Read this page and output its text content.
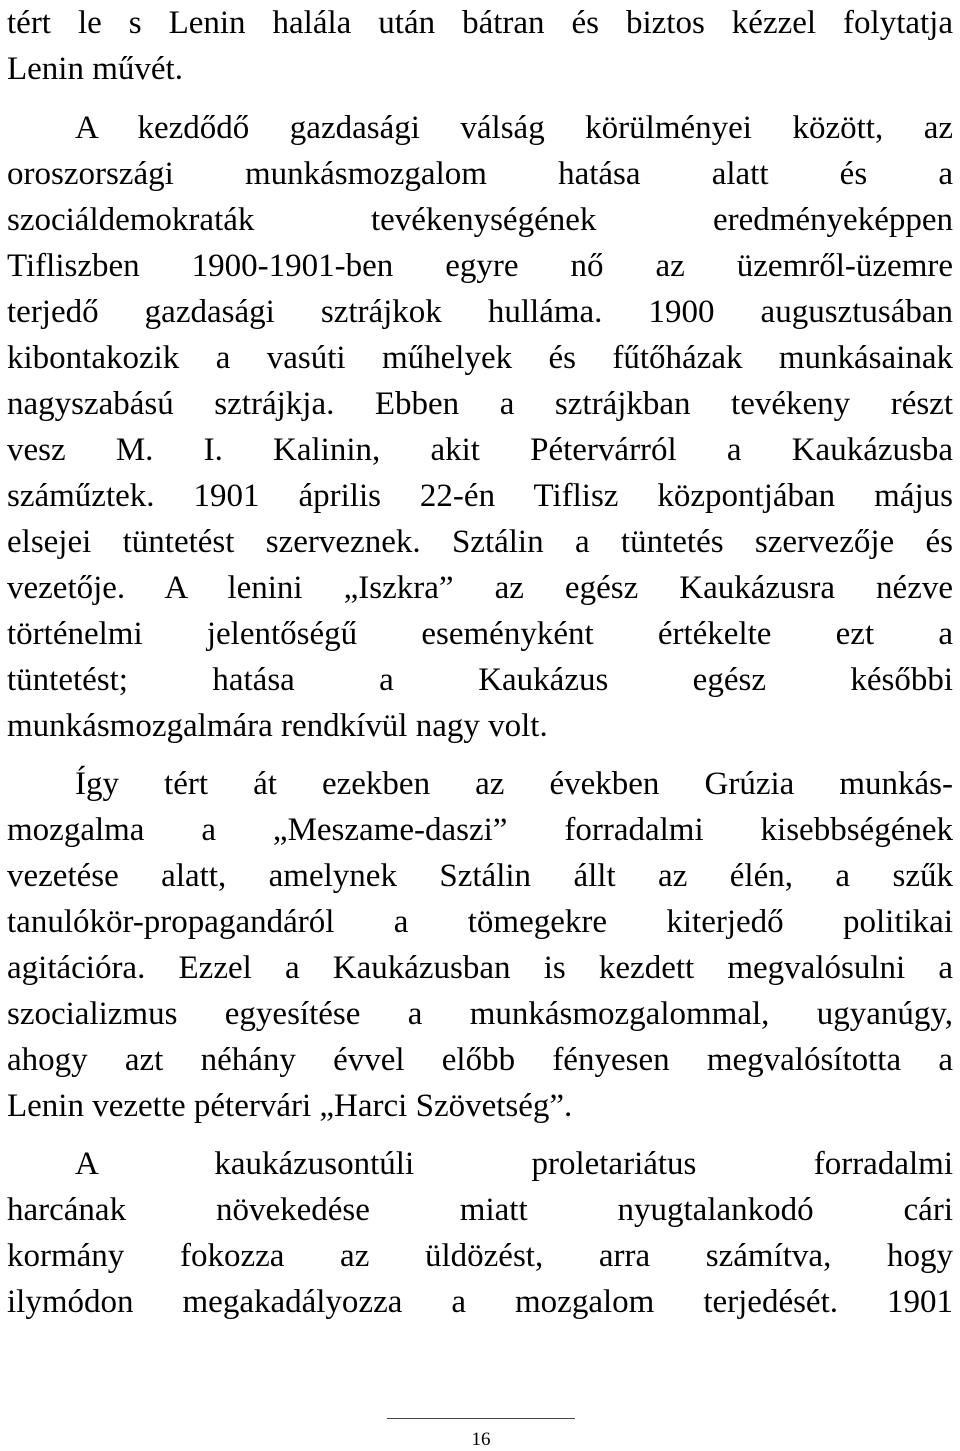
tért le s Lenin halála után bátran és biztos kézzel folytatja
Lenin művét.
A kezdődő gazdasági válság körülményei között, az
oroszországi munkásmozgalom hatása alatt és a
szociáldemokraták tevékenységének eredményeképpen
Tifliszben 1900-1901-ben egyre nő az üzemről-üzemre
terjedő gazdasági sztrájkok hulláma. 1900 augusztusában
kibontakozik a vasúti műhelyek és fűtőházak munkásainak
nagyszabású sztrájkja. Ebben a sztrájkban tevékeny részt
vesz M. I. Kalinin, akit Pétervárról a Kaukázusba
száműztek. 1901 április 22-én Tiflisz központjában május
elsejei tüntetést szerveznek. Sztálin a tüntetés szervezője és
vezetője. A lenini „Iszkra” az egész Kaukázusra nézve
történelmi jelentőségű eseményként értékelte ezt a
tüntetést; hatása a Kaukázus egész későbbi
munkásmozgalmára rendkívül nagy volt.
Így tért át ezekben az években Grúzia munkás-
mozgalma a „Meszame-daszi” forradalmi kisebbségének
vezetése alatt, amelynek Sztálin állt az élén, a szűk
tanulókör-propagandáról a tömegekre kiterjedő politikai
agitációra. Ezzel a Kaukázusban is kezdett megvalósulni a
szocializmus egyesítése a munkásmozgalommal, ugyanúgy,
ahogy azt néhány évvel előbb fényesen megvalósította a
Lenin vezette pétervári „Harci Szövetség”.
A kaukázusontúli proletariátus forradalmi
harcának növekedése miatt nyugtalankodó cári
kormány fokozza az üldözést, arra számítva, hogy
ilymódon megakadályozza a mozgalom terjedését. 1901
16
